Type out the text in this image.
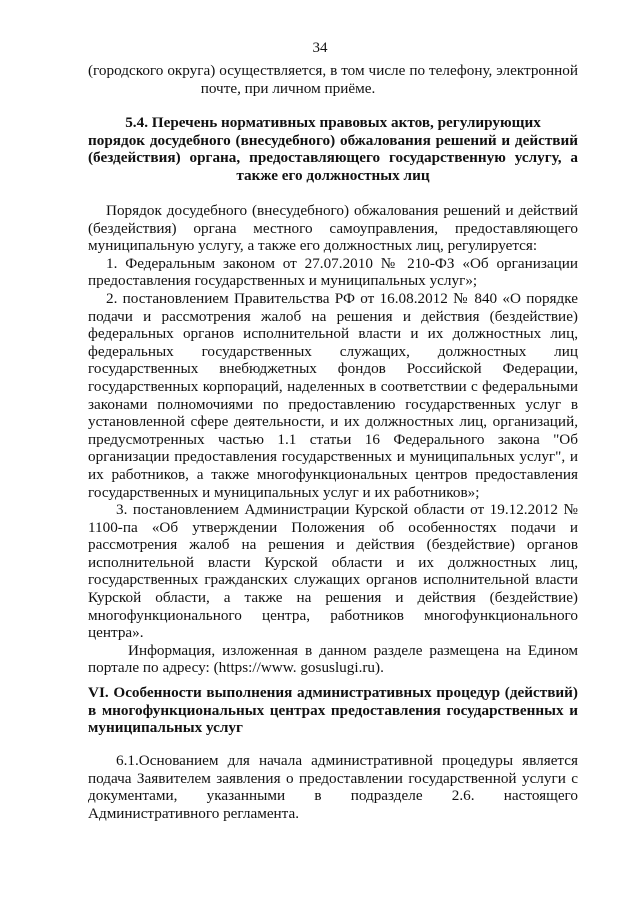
34
(городского округа) осуществляется, в том числе по телефону, электронной
почте, при личном приёме.
5.4. Перечень нормативных правовых актов, регулирующих
порядок досудебного (внесудебного) обжалования решений и действий
(бездействия) органа, предоставляющего государственную услугу, а
также его должностных лиц
Порядок досудебного (внесудебного) обжалования решений и действий
(бездействия) органа местного самоуправления, предоставляющего
муниципальную услугу, а также его должностных лиц, регулируется:
1. Федеральным законом от 27.07.2010 № 210-ФЗ «Об организации
предоставления государственных и муниципальных услуг»;
2. постановлением Правительства РФ от 16.08.2012 № 840 «О порядке
подачи и рассмотрения жалоб на решения и действия (бездействие)
федеральных органов исполнительной власти и их должностных лиц,
федеральных государственных служащих, должностных лиц
государственных внебюджетных фондов Российской Федерации,
государственных корпораций, наделенных в соответствии с федеральными
законами полномочиями по предоставлению государственных услуг в
установленной сфере деятельности, и их должностных лиц, организаций,
предусмотренных частью 1.1 статьи 16 Федерального закона "Об
организации предоставления государственных и муниципальных услуг", и
их работников, а также многофункциональных центров предоставления
государственных и муниципальных услуг и их работников»;
3. постановлением Администрации Курской области от 19.12.2012 №
1100-па «Об утверждении Положения об особенностях подачи и
рассмотрения жалоб на решения и действия (бездействие) органов
исполнительной власти Курской области и их должностных лиц,
государственных гражданских служащих органов исполнительной власти
Курской области, а также на решения и действия (бездействие)
многофункционального центра, работников многофункционального
центра».
Информация, изложенная в данном разделе размещена на Едином
портале по адресу: (https://www. gosuslugi.ru).
VI. Особенности выполнения административных процедур (действий)
в многофункциональных центрах предоставления государственных и
муниципальных услуг
6.1.Основанием для начала административной процедуры является
подача Заявителем заявления о предоставлении государственной услуги с
документами, указанными в подразделе 2.6. настоящего
Административного регламента.
